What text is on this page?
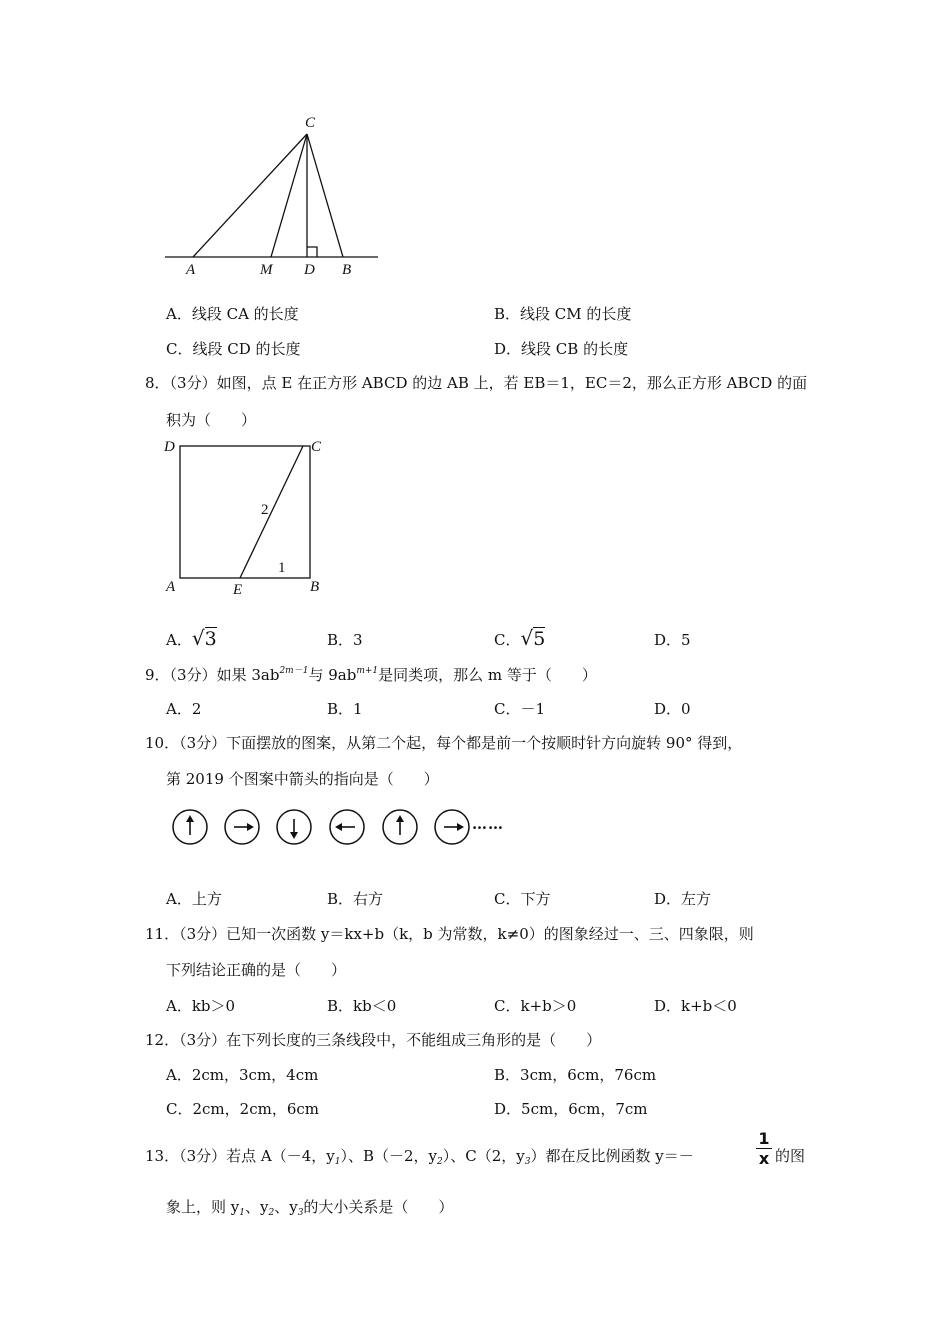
C
A	M D B
A．线段 CA 的长度	B．线段 CM 的长度
C．线段 CD 的长度	D．线段 CB 的长度
8．（3分）如图，点 E 在正方形 ABCD 的边 AB 上，若 EB＝1，EC＝2，那么正方形 ABCD 的面
积为（　　）
D	C
A	E	B
2
1
A．√3	B．3	C．√5	D．5
9．（3分）如果 $3ab^{2m-1}$与 $9ab^{m+1}$是同类项，那么 m 等于（　　）
A．2	B．1	C．－1	D．0
10．（3分）下面摆放的图案，从第二个起，每个都是前一个按顺时针方向旋转 90° 得到，
第 2019 个图案中箭头的指向是（　　）
……
A．上方	B．右方	C．下方	D．左方
11．（3分）已知一次函数 y＝kx+b（k，b 为常数，k≠0）的图象经过一、三、四象限，则
下列结论正确的是（　　）
A．kb＞0	B．kb＜0	C．k+b＞0	D．k+b＜0
12．（3分）在下列长度的三条线段中，不能组成三角形的是（　　）
A．2cm，3cm，4cm	B．3cm，6cm，76cm
C．2cm，2cm，6cm	D．5cm，6cm，7cm
13．（3分）若点 A（－4，$y_1$）、B（－2，$y_2$）、C（2，$y_3$）都在反比例函数 y＝－	$\frac{1}{x}$ 的图
象上，则 $y_1$、$y_2$、$y_3$的大小关系是（　　）
